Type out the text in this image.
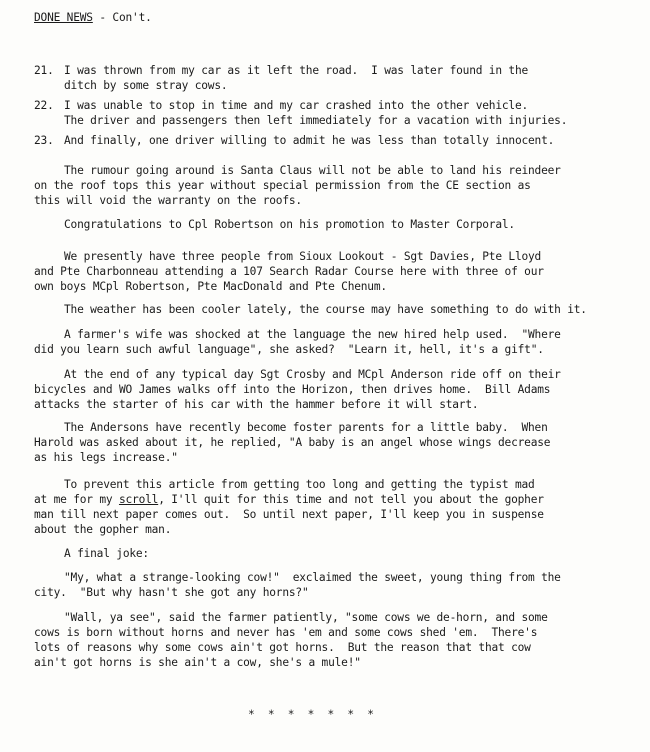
DONE NEWS - Con't.
21. I was thrown from my car as it left the road.  I was later found in the
ditch by some stray cows.
22. I was unable to stop in time and my car crashed into the other vehicle.
The driver and passengers then left immediately for a vacation with injuries.
23. And finally, one driver willing to admit he was less than totally innocent.
The rumour going around is Santa Claus will not be able to land his reindeer
on the roof tops this year without special permission from the CE section as
this will void the warranty on the roofs.
Congratulations to Cpl Robertson on his promotion to Master Corporal.
We presently have three people from Sioux Lookout - Sgt Davies, Pte Lloyd
and Pte Charbonneau attending a 107 Search Radar Course here with three of our
own boys MCpl Robertson, Pte MacDonald and Pte Chenum.
The weather has been cooler lately, the course may have something to do with it.
A farmer's wife was shocked at the language the new hired help used.  "Where
did you learn such awful language", she asked?  "Learn it, hell, it's a gift".
At the end of any typical day Sgt Crosby and MCpl Anderson ride off on their
bicycles and WO James walks off into the Horizon, then drives home.  Bill Adams
attacks the starter of his car with the hammer before it will start.
The Andersons have recently become foster parents for a little baby.  When
Harold was asked about it, he replied, "A baby is an angel whose wings decrease
as his legs increase."
To prevent this article from getting too long and getting the typist mad
at me for my scroll, I'll quit for this time and not tell you about the gopher
man till next paper comes out.  So until next paper, I'll keep you in suspense
about the gopher man.
A final joke:
"My, what a strange-looking cow!"  exclaimed the sweet, young thing from the
city.  "But why hasn't she got any horns?"
"Wall, ya see", said the farmer patiently, "some cows we de-horn, and some
cows is born without horns and never has 'em and some cows shed 'em.  There's
lots of reasons why some cows ain't got horns.  But the reason that that cow
ain't got horns is she ain't a cow, she's a mule!"
* * * * * * *
